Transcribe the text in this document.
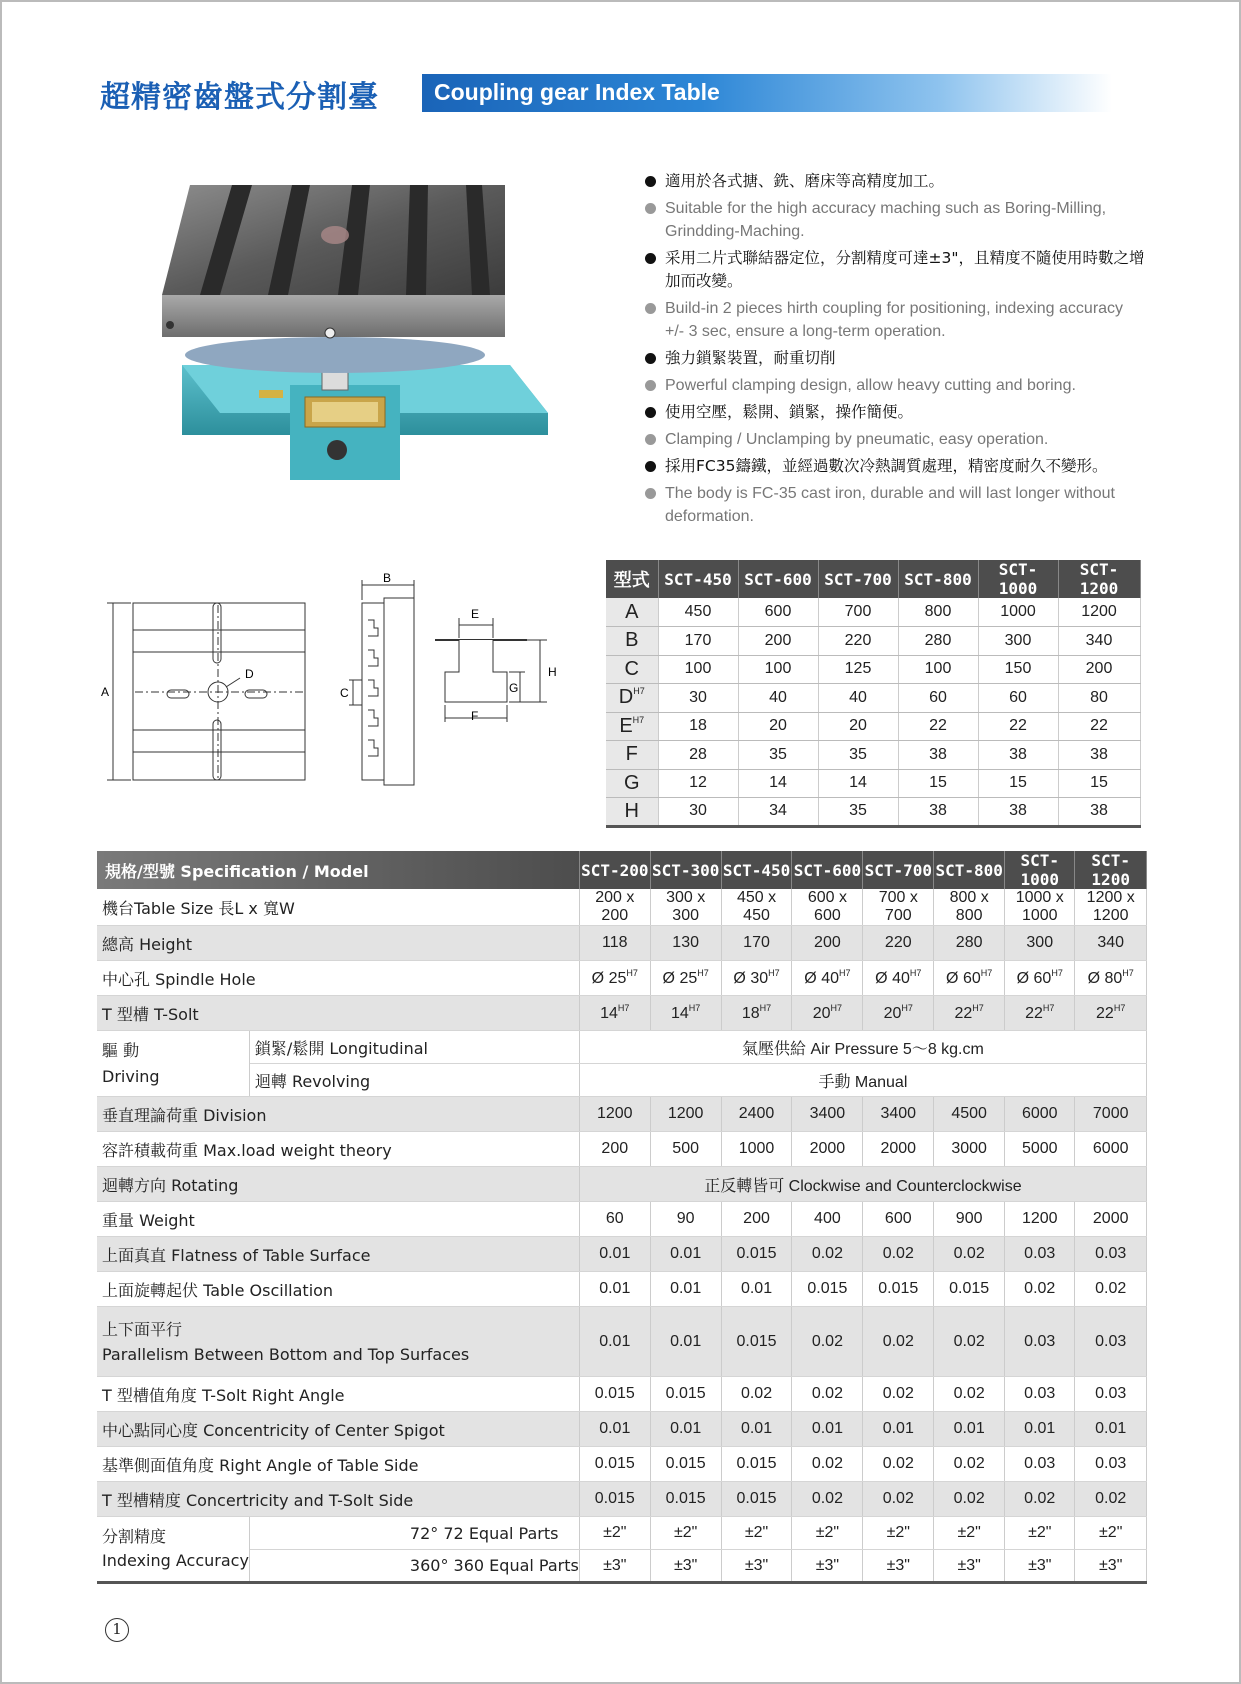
超精密齒盤式分割臺 Coupling gear Index Table
適用於各式搪、銑、磨床等高精度加工。
Suitable for the high accuracy maching such as Boring-Milling, Grindding-Maching.
采用二片式聯結器定位，分割精度可達±3"，且精度不隨使用時數之增加而改變。
Build-in 2 pieces hirth coupling for positioning, indexing accuracy +/- 3 sec, ensure a long-term operation.
強力鎖緊裝置，耐重切削
Powerful clamping design, allow heavy cutting and boring.
使用空壓，鬆開、鎖緊，操作簡便。
Clamping / Unclamping by pneumatic, easy operation.
採用FC35鑄鐵，並經過數次冷熱調質處理，精密度耐久不變形。
The body is FC-35 cast iron, durable and will last longer without deformation.
A
D
B
C
E
F
G
H
型式	SCT-450	SCT-600	SCT-700	SCT-800	SCT-1000	SCT-1200
A	450	600	700	800	1000	1200
B	170	200	220	280	300	340
C	100	100	125	100	150	200
$D^{H7}$	30	40	40	60	60	80
$E^{H7}$	18	20	20	22	22	22
F	28	35	35	38	38	38
G	12	14	14	15	15	15
H	30	34	35	38	38	38
規格/型號 Specification / Model		SCT-200	SCT-300	SCT-450	SCT-600	SCT-700	SCT-800	SCT-1000	SCT-1200
機台Table Size 長L x 寬W		200 x 200	300 x 300	450 x 450	600 x 600	700 x 700	800 x 800	1000 x 1000	1200 x 1200
總高 Height		118	130	170	200	220	280	300	340
中心孔 Spindle Hole		Ø $25^{H7}$	Ø $25^{H7}$	Ø $30^{H7}$	Ø $40^{H7}$	Ø $40^{H7}$	Ø $60^{H7}$	Ø $60^{H7}$	Ø $80^{H7}$
T 型槽 T-Solt		$14^{H7}$	$14^{H7}$	$18^{H7}$	$20^{H7}$	$20^{H7}$	$22^{H7}$	$22^{H7}$	$22^{H7}$

驅 動
Driving	鎖緊/鬆開 Longitudinal	氣壓供給 Air Pressure 5～8 kg.cm							
	迴轉 Revolving	手動 Manual							
垂直理論荷重 Division		1200	1200	2400	3400	3400	4500	6000	7000
容許積載荷重 Max.load weight theory		200	500	1000	2000	2000	3000	5000	6000
迴轉方向 Rotating		正反轉皆可 Clockwise and Counterclockwise							
重量 Weight		60	90	200	400	600	900	1200	2000
上面真直 Flatness of Table Surface		0.01	0.01	0.015	0.02	0.02	0.02	0.03	0.03
上面旋轉起伏 Table Oscillation		0.01	0.01	0.01	0.015	0.015	0.015	0.02	0.02

上下面平行
Parallelism Between Bottom and Top Surfaces		0.01	0.01	0.015	0.02	0.02	0.02	0.03	0.03
T 型槽值角度 T-Solt Right Angle		0.015	0.015	0.02	0.02	0.02	0.02	0.03	0.03
中心點同心度 Concentricity of Center Spigot		0.01	0.01	0.01	0.01	0.01	0.01	0.01	0.01
基準側面值角度 Right Angle of Table Side		0.015	0.015	0.015	0.02	0.02	0.02	0.03	0.03
T 型槽精度 Concertricity and T-Solt Side		0.015	0.015	0.015	0.02	0.02	0.02	0.02	0.02

分割精度
Indexing Accuracy	72° 72 Equal Parts	±2"	±2"	±2"	±2"	±2"	±2"	±2"	±2"
	360° 360 Equal Parts	±3"	±3"	±3"	±3"	±3"	±3"	±3"	±3"
1
